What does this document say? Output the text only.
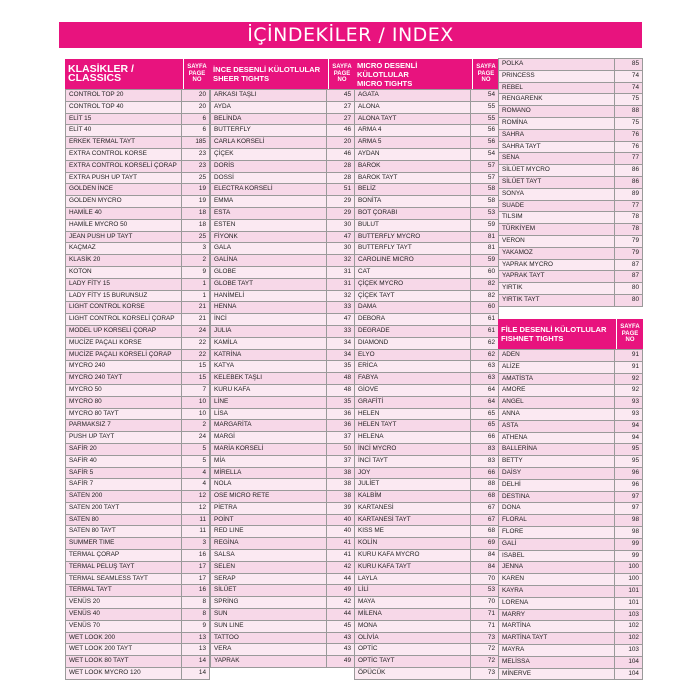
İÇİNDEKİLER / INDEX
KLASİKLER / CLASSICS
SAYFA
PAGE
NO
CONTROL TOP 20	20
CONTROL TOP 40	20
ELİT 15	6
ELİT 40	6
ERKEK TERMAL TAYT	185
EXTRA CONTROL KORSE	23
EXTRA CONTROL KORSELİ ÇORAP	23
EXTRA PUSH UP TAYT	25
GOLDEN İNCE	19
GOLDEN MYCRO	19
HAMİLE 40	18
HAMİLE MYCRO 50	18
JEAN PUSH UP TAYT	25
KAÇMAZ	3
KLASİK 20	2
KOTON	9
LADY FİTY 15	1
LADY FİTY 15 BURUNSUZ	1
LIGHT CONTROL KORSE	21
LIGHT CONTROL KORSELİ ÇORAP	21
MODEL UP KORSELİ ÇORAP	24
MUCİZE PAÇALI KORSE	22
MUCİZE PAÇALI KORSELİ ÇORAP	22
MYCRO 240	15
MYCRO 240 TAYT	15
MYCRO 50	7
MYCRO 80	10
MYCRO 80 TAYT	10
PARMAKSIZ 7	2
PUSH UP TAYT	24
SAFİR 20	5
SAFİR 40	5
SAFİR 5	4
SAFİR 7	4
SATEN 200	12
SATEN 200 TAYT	12
SATEN 80	11
SATEN 80 TAYT	11
SUMMER TIME	3
TERMAL ÇORAP	16
TERMAL PELUŞ TAYT	17
TERMAL SEAMLESS TAYT	17
TERMAL TAYT	16
VENÜS 20	8
VENÜS 40	8
VENÜS 70	9
WET LOOK 200	13
WET LOOK 200 TAYT	13
WET LOOK 80 TAYT	14
WET LOOK MYCRO 120	14
İNCE DESENLİ KÜLOTLULAR
SHEER TIGHTS
SAYFA
PAGE
NO
ARKASI TAŞLI	45
AYDA	27
BELİNDA	27
BUTTERFLY	46
CARLA KORSELİ	20
ÇİÇEK	46
DORİS	28
DOSSİ	28
ELECTRA KORSELİ	51
EMMA	29
ESTA	29
ESTEN	30
FİYONK	47
GALA	30
GALİNA	32
GLOBE	31
GLOBE TAYT	31
HANİMELİ	32
HENNA	33
İNCİ	47
JULIA	33
KAMİLA	34
KATRİNA	34
KATYA	35
KELEBEK TAŞLI	48
KURU KAFA	48
LİNE	35
LİSA	36
MARGARİTA	36
MARGİ	37
MARİA KORSELİ	50
MİA	37
MİRELLA	38
NOLA	38
OSE MICRO RETE	38
PİETRA	39
POİNT	40
RED LINE	40
REGİNA	41
SALSA	41
SELEN	42
SERAP	44
SİLÜET	49
SPRİNG	42
SUN	44
SUN LINE	45
TATTOO	43
VERA	43
YAPRAK	49
MICRO DESENLİ KÜLOTLULAR
MICRO TIGHTS
SAYFA
PAGE
NO
AGATA	54
ALONA	55
ALONA TAYT	55
ARMA 4	56
ARMA 5	56
AYDAN	54
BAROK	57
BAROK TAYT	57
BELİZ	58
BONİTA	58
BOT ÇORABI	53
BULUT	59
BUTTERFLY MYCRO	81
BUTTERFLY TAYT	81
CAROLINE MICRO	59
CAT	60
ÇİÇEK MYCRO	82
ÇİÇEK TAYT	82
DAMA	60
DEBORA	61
DEGRADE	61
DIAMOND	62
ELYO	62
ERİCA	63
FABYA	63
GİOVE	64
GRAFİTİ	64
HELEN	65
HELEN TAYT	65
HELENA	66
İNCİ MYCRO	83
İNCİ TAYT	83
JOY	66
JULİET	88
KALBİM	68
KARTANESİ	67
KARTANESİ TAYT	67
KISS ME	68
KOLİN	69
KURU KAFA MYCRO	84
KURU KAFA TAYT	84
LAYLA	70
LİLİ	53
MAYA	70
MİLENA	71
MONA	71
OLİVİA	73
OPTİC	72
OPTİC TAYT	72
ÖPÜCÜK	73
POLKA	85
PRINCESS	74
REBEL	74
RENGARENK	75
ROMANO	88
ROMİNA	75
SAHRA	76
SAHRA TAYT	76
SENA	77
SİLÜET MYCRO	86
SİLÜET TAYT	86
SONYA	89
SUADE	77
TILSIM	78
TÜRKİYEM	78
VERON	79
YAKAMOZ	79
YAPRAK MYCRO	87
YAPRAK TAYT	87
YIRTIK	80
YIRTIK TAYT	80
FİLE DESENLİ KÜLOTLULAR
FISHNET TIGHTS
SAYFA
PAGE
NO
ADEN	91
ALİZE	91
AMATİSTA	92
AMORE	92
ANGEL	93
ANNA	93
ASTA	94
ATHENA	94
BALLERİNA	95
BETTY	95
DAİSY	96
DELHİ	96
DESTINA	97
DONA	97
FLORAL	98
FLORE	98
GALİ	99
ISABEL	99
JENNA	100
KAREN	100
KAYRA	101
LORENA	101
MARRY	103
MARTİNA	102
MARTİNA TAYT	102
MAYRA	103
MELİSSA	104
MİNERVE	104
